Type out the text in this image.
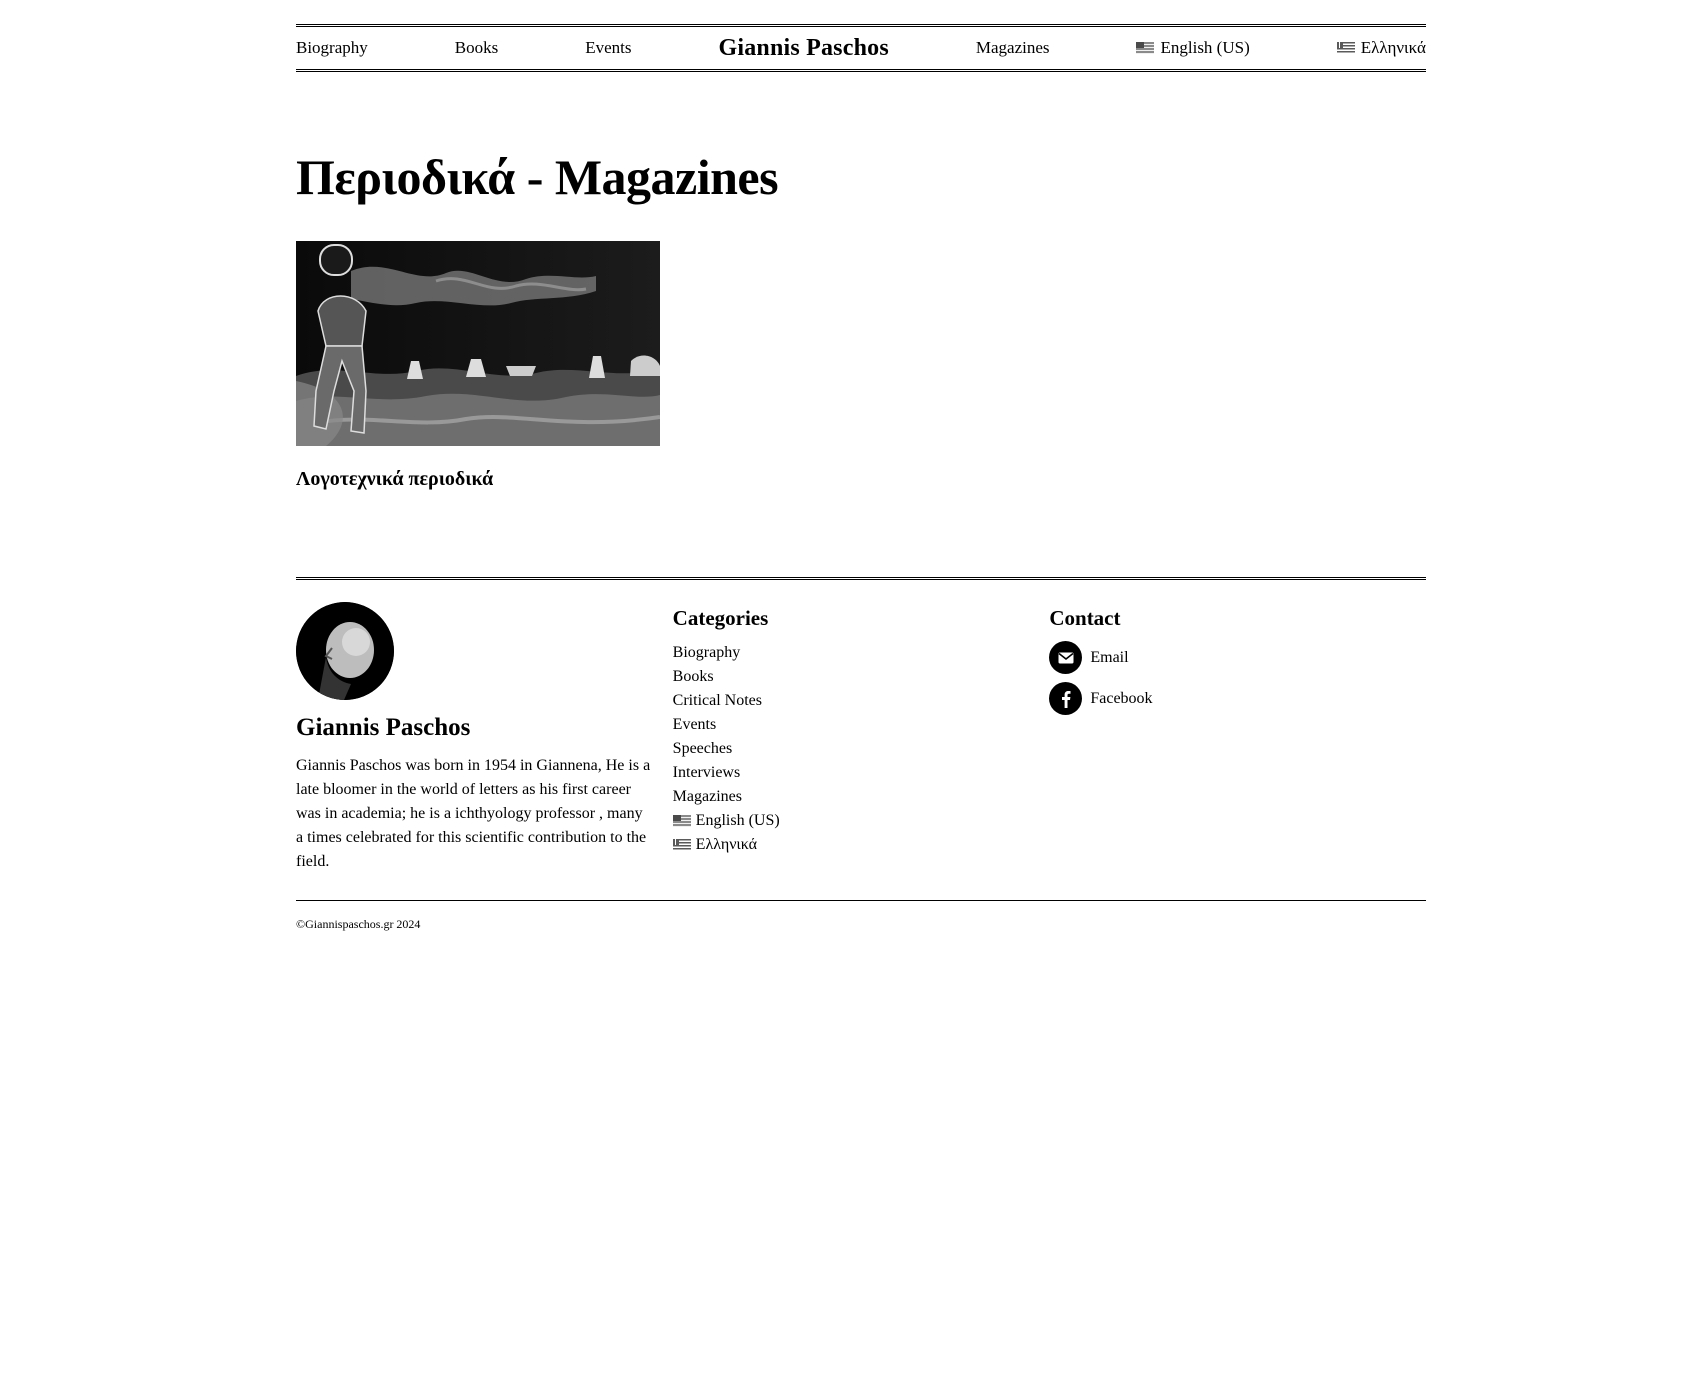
Biography	Books	Events	Giannis Paschos	Magazines	English (US)	Ελληνικά
Περιοδικά - Magazines
Λογοτεχνικά περιοδικά
Giannis Paschos
Giannis Paschos was born in 1954 in Giannena, He is a late bloomer in the world of letters as his first career was in academia; he is a ichthyology professor , many a times celebrated for this scientific contribution to the field.
Categories
Biography
Books
Critical Notes
Events
Speeches
Interviews
Magazines
English (US)
Ελληνικά
Contact
Email
Facebook
©Giannispaschos.gr 2024
